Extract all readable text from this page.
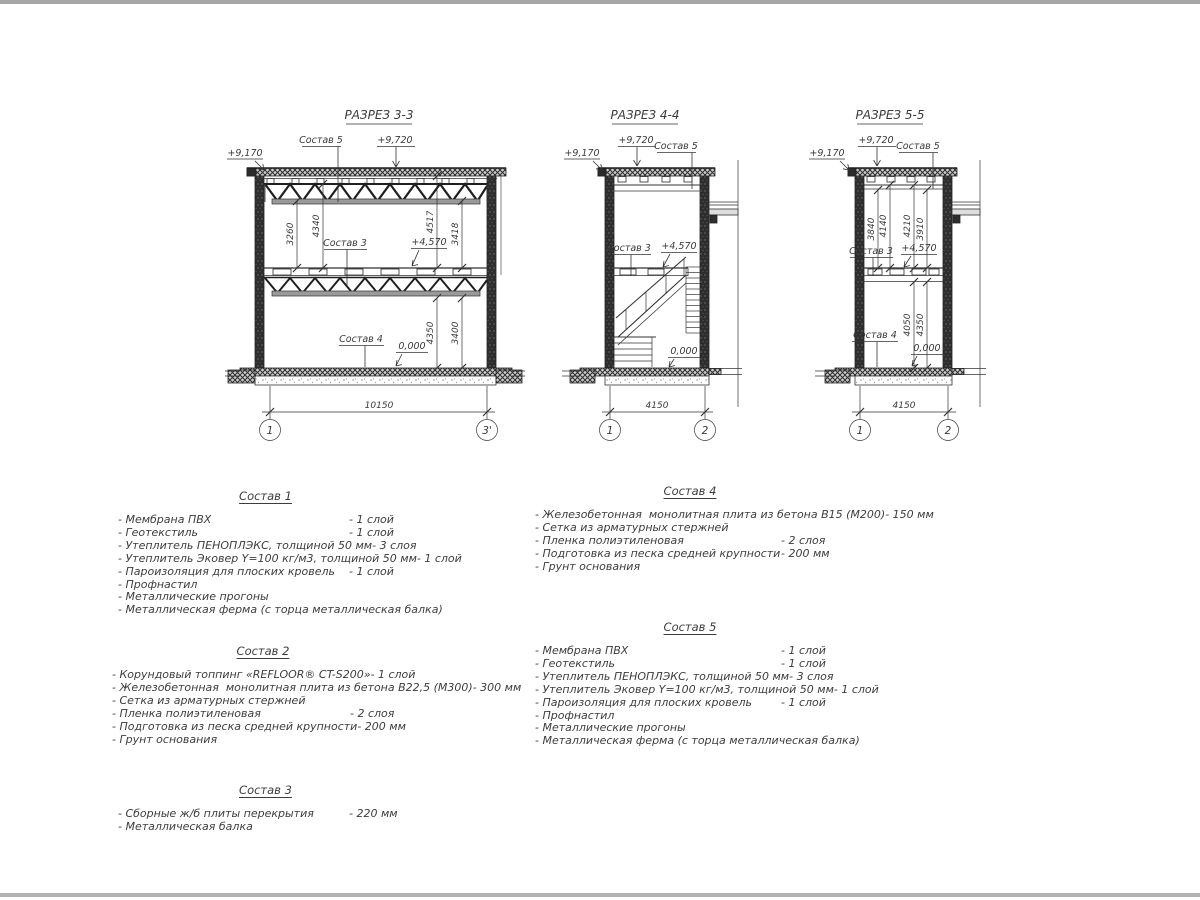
РАЗРЕЗ 3-3
+9,170
+9,720
+4,570
0,000
Состав 5
Состав 3
Состав 4
3260 4340	4517
3418
4350 3400
10150
1	3'
РАЗРЕЗ 4-4
+9,170
+9,720
+4,570
0,000
Состав 5
Состав 3
4150
1	2
РАЗРЕЗ 5-5
+9,170
+9,720
+4,570
0,000
Состав 5
Состав 3
Состав 4
3840 4140 4210 3910
4050 4350
4150
1	2
Состав 1
- Мембрана ПВХ	- 1 слой
- Геотекстиль	- 1 слой
- Утеплитель ПЕНОПЛЭКС, толщиной 50 мм - 3 слоя
- Утеплитель Эковер Y=100 кг/м3, толщиной 50 мм - 1 слой
- Пароизоляция для плоских кровель - 1 слой
- Профнастил
- Металлические прогоны
- Металлическая ферма (с торца металлическая балка)
Состав 2
- Корундовый топпинг «REFLOOR® CT-S200» - 1 слой
- Железобетонная  монолитная плита из бетона В22,5 (М300) - 300 мм
- Сетка из арматурных стержней
- Пленка полиэтиленовая	- 2 слоя
- Подготовка из песка средней крупности - 200 мм
- Грунт основания
Состав 3
- Сборные ж/б плиты перекрытия	- 220 мм
- Металлическая балка
Состав 4
- Железобетонная  монолитная плита из бетона В15 (М200) - 150 мм
- Сетка из арматурных стержней
- Пленка полиэтиленовая	- 2 слоя
- Подготовка из песка средней крупности - 200 мм
- Грунт основания
Состав 5
- Мембрана ПВХ	- 1 слой
- Геотекстиль	- 1 слой
- Утеплитель ПЕНОПЛЭКС, толщиной 50 мм - 3 слоя
- Утеплитель Эковер Y=100 кг/м3, толщиной 50 мм - 1 слой
- Пароизоляция для плоских кровель	- 1 слой
- Профнастил
- Металлические прогоны
- Металлическая ферма (с торца металлическая балка)
